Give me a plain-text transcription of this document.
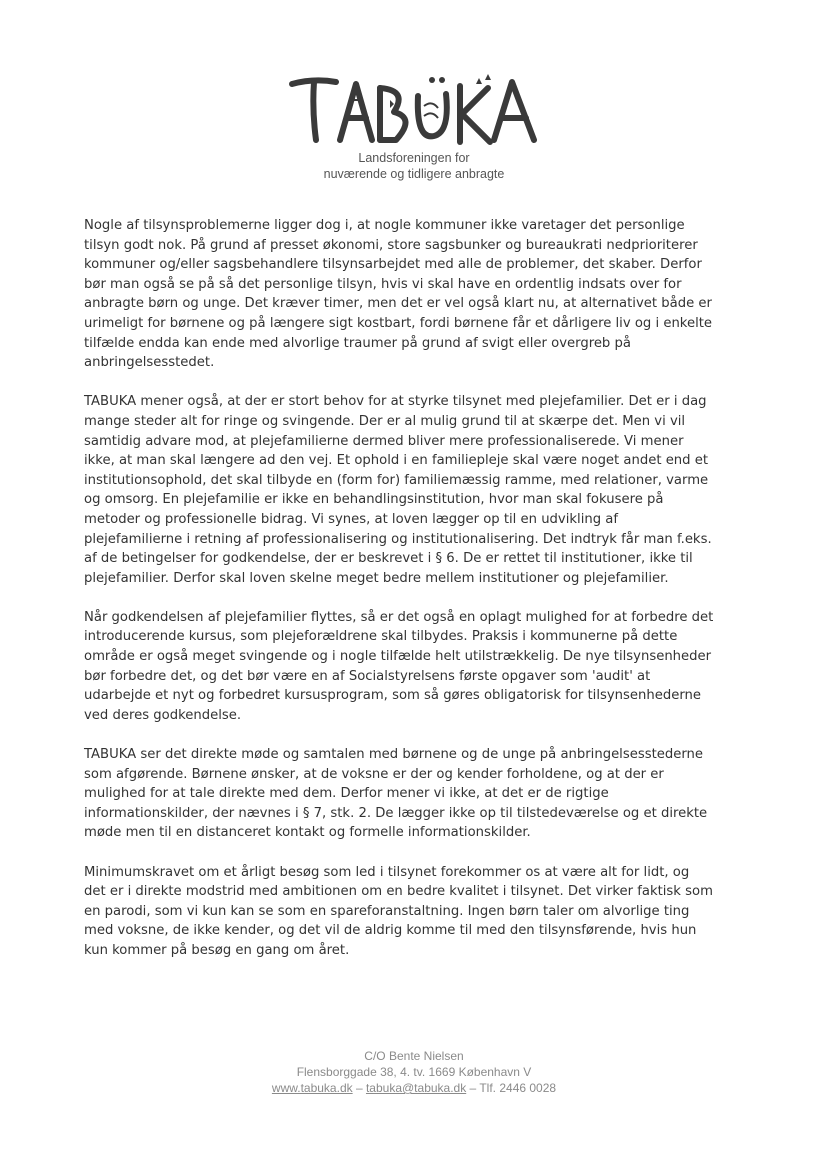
Landsforeningen for
nuværende og tidligere anbragte

Nogle af tilsynsproblemerne ligger dog i, at nogle kommuner ikke varetager det personlige
tilsyn godt nok. På grund af presset økonomi, store sagsbunker og bureaukrati nedprioriterer
kommuner og/eller sagsbehandlere tilsynsarbejdet med alle de problemer, det skaber. Derfor
bør man også se på så det personlige tilsyn, hvis vi skal have en ordentlig indsats over for
anbragte børn og unge. Det kræver timer, men det er vel også klart nu, at alternativet både er
urimeligt for børnene og på længere sigt kostbart, fordi børnene får et dårligere liv og i enkelte
tilfælde endda kan ende med alvorlige traumer på grund af svigt eller overgreb på
anbringelsesstedet.

TABUKA mener også, at der er stort behov for at styrke tilsynet med plejefamilier. Det er i dag
mange steder alt for ringe og svingende. Der er al mulig grund til at skærpe det. Men vi vil
samtidig advare mod, at plejefamilierne dermed bliver mere professionaliserede. Vi mener
ikke, at man skal længere ad den vej. Et ophold i en familiepleje skal være noget andet end et
institutionsophold, det skal tilbyde en (form for) familiemæssig ramme, med relationer, varme
og omsorg. En plejefamilie er ikke en behandlingsinstitution, hvor man skal fokusere på
metoder og professionelle bidrag. Vi synes, at loven lægger op til en udvikling af
plejefamilierne i retning af professionalisering og institutionalisering. Det indtryk får man f.eks.
af de betingelser for godkendelse, der er beskrevet i § 6. De er rettet til institutioner, ikke til
plejefamilier. Derfor skal loven skelne meget bedre mellem institutioner og plejefamilier.

Når godkendelsen af plejefamilier flyttes, så er det også en oplagt mulighed for at forbedre det
introducerende kursus, som plejeforældrene skal tilbydes. Praksis i kommunerne på dette
område er også meget svingende og i nogle tilfælde helt utilstrækkelig. De nye tilsynsenheder
bør forbedre det, og det bør være en af Socialstyrelsens første opgaver som 'audit' at
udarbejde et nyt og forbedret kursusprogram, som så gøres obligatorisk for tilsynsenhederne
ved deres godkendelse.

TABUKA ser det direkte møde og samtalen med børnene og de unge på anbringelsesstederne
som afgørende. Børnene ønsker, at de voksne er der og kender forholdene, og at der er
mulighed for at tale direkte med dem. Derfor mener vi ikke, at det er de rigtige
informationskilder, der nævnes i § 7, stk. 2. De lægger ikke op til tilstedeværelse og et direkte
møde men til en distanceret kontakt og formelle informationskilder.

Minimumskravet om et årligt besøg som led i tilsynet forekommer os at være alt for lidt, og
det er i direkte modstrid med ambitionen om en bedre kvalitet i tilsynet. Det virker faktisk som
en parodi, som vi kun kan se som en spareforanstaltning. Ingen børn taler om alvorlige ting
med voksne, de ikke kender, og det vil de aldrig komme til med den tilsynsførende, hvis hun
kun kommer på besøg en gang om året.

C/O Bente Nielsen
Flensborggade 38, 4. tv. 1669 København V
www.tabuka.dk – tabuka@tabuka.dk – Tlf. 2446 0028
